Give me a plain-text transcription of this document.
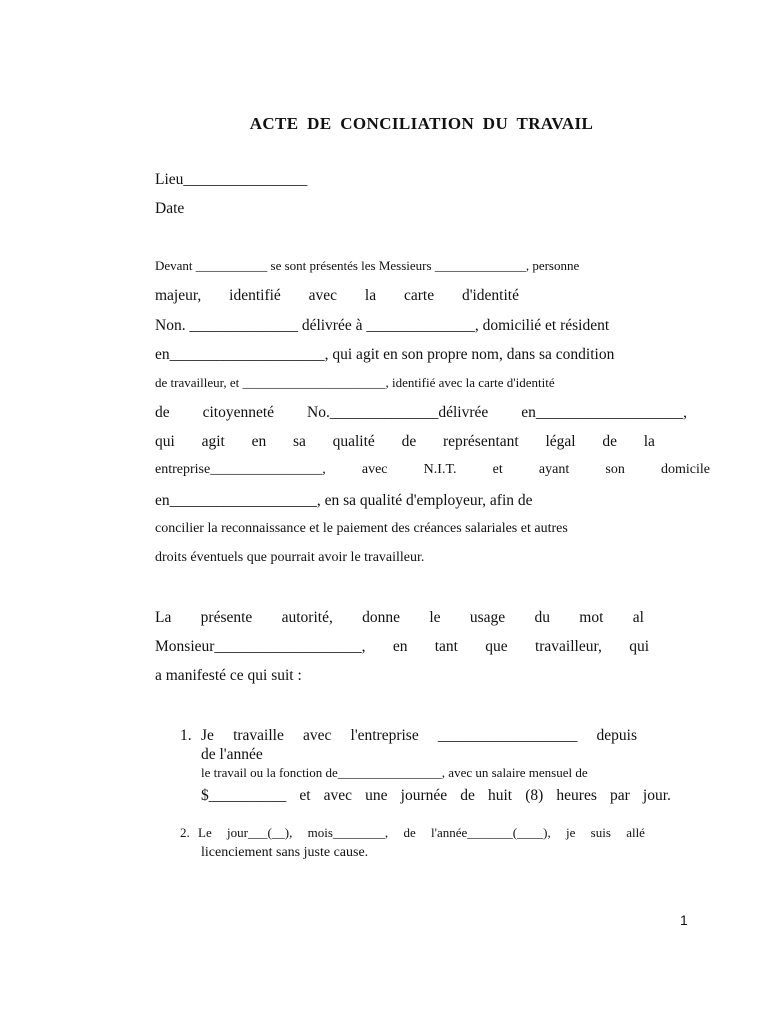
ACTE DE CONCILIATION DU TRAVAIL
Lieu________________
Date
Devant ___________ se sont présentés les Messieurs ______________, personne
majeur, identifié avec la carte d'identité
Non. ______________ délivrée à ______________, domicilié et résident
en____________________, qui agit en son propre nom, dans sa condition
de travailleur, et ______________________, identifié avec la carte d'identité
de citoyenneté No.______________délivrée en___________________,
qui agit en sa qualité de représentant légal de la
entreprise________________,	avec	N.I.T.	et	ayant	son	domicile
en___________________, en sa qualité d'employeur, afin de
concilier la reconnaissance et le paiement des créances salariales et autres
droits éventuels que pourrait avoir le travailleur.
La présente autorité, donne le usage du mot al
Monsieur___________________, en tant que travailleur, qui
a manifesté ce qui suit :
1. Je travaille avec l'entreprise __________________ depuis
de l'année
le travail ou la fonction de________________, avec un salaire mensuel de
$__________ et avec une journée de huit (8) heures par jour.
2. Le jour___(__), mois________, de l'année_______(____), je suis allé
licenciement sans juste cause.
1
